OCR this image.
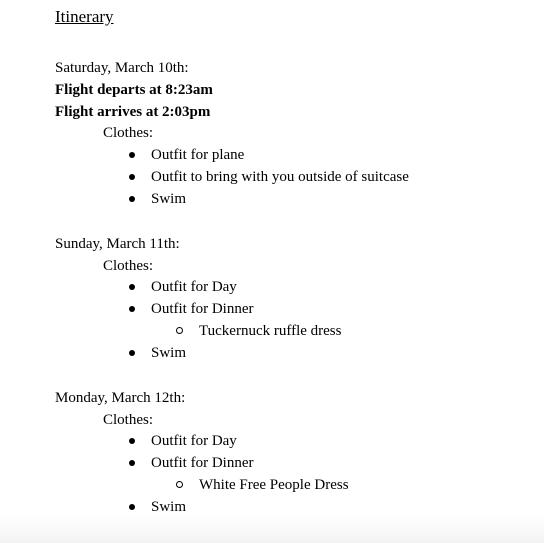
Itinerary
Saturday, March 10th:
Flight departs at 8:23am
Flight arrives at 2:03pm
Clothes:
Outfit for plane
Outfit to bring with you outside of suitcase
Swim
Sunday, March 11th:
Clothes:
Outfit for Day
Outfit for Dinner
Tuckernuck ruffle dress
Swim
Monday, March 12th:
Clothes:
Outfit for Day
Outfit for Dinner
White Free People Dress
Swim
